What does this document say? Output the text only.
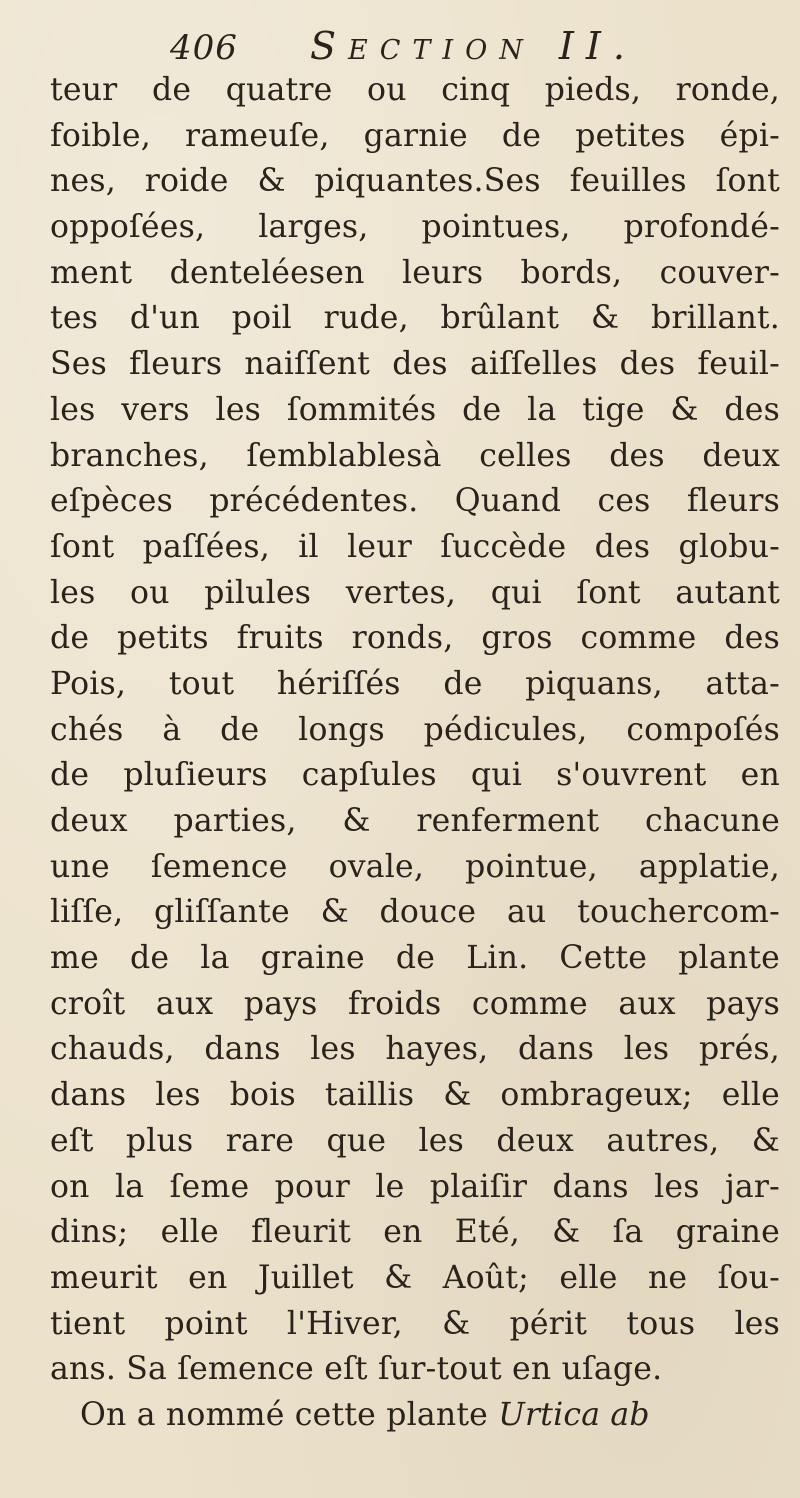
406 Section II.
teur de quatre ou cinq pieds, ronde,
foible, rameuſe, garnie de petites épi-
nes, roide & piquantes.Ses feuilles ſont
oppoſées, larges, pointues, profondé-
ment denteléesen leurs bords, couver-
tes d'un poil rude, brûlant & brillant.
Ses fleurs naiſſent des aiſſelles des feuil-
les vers les ſommités de la tige & des
branches, ſemblablesà celles des deux
eſpèces précédentes. Quand ces fleurs
ſont paſſées, il leur ſuccède des globu-
les ou pilules vertes, qui ſont autant
de petits fruits ronds, gros comme des
Pois, tout hériſſés de piquans, atta-
chés à de longs pédicules, compoſés
de pluſieurs capſules qui s'ouvrent en
deux parties, & renferment chacune
une ſemence ovale, pointue, applatie,
liſſe, gliſſante & douce au touchercom-
me de la graine de Lin. Cette plante
croît aux pays froids comme aux pays
chauds, dans les hayes, dans les prés,
dans les bois taillis & ombrageux; elle
eſt plus rare que les deux autres, &
on la ſeme pour le plaiſir dans les jar-
dins; elle fleurit en Eté, & ſa graine
meurit en Juillet & Août; elle ne ſou-
tient point l'Hiver, & périt tous les
ans. Sa ſemence eſt ſur-tout en uſage.
On a nommé cette plante Urtica ab
